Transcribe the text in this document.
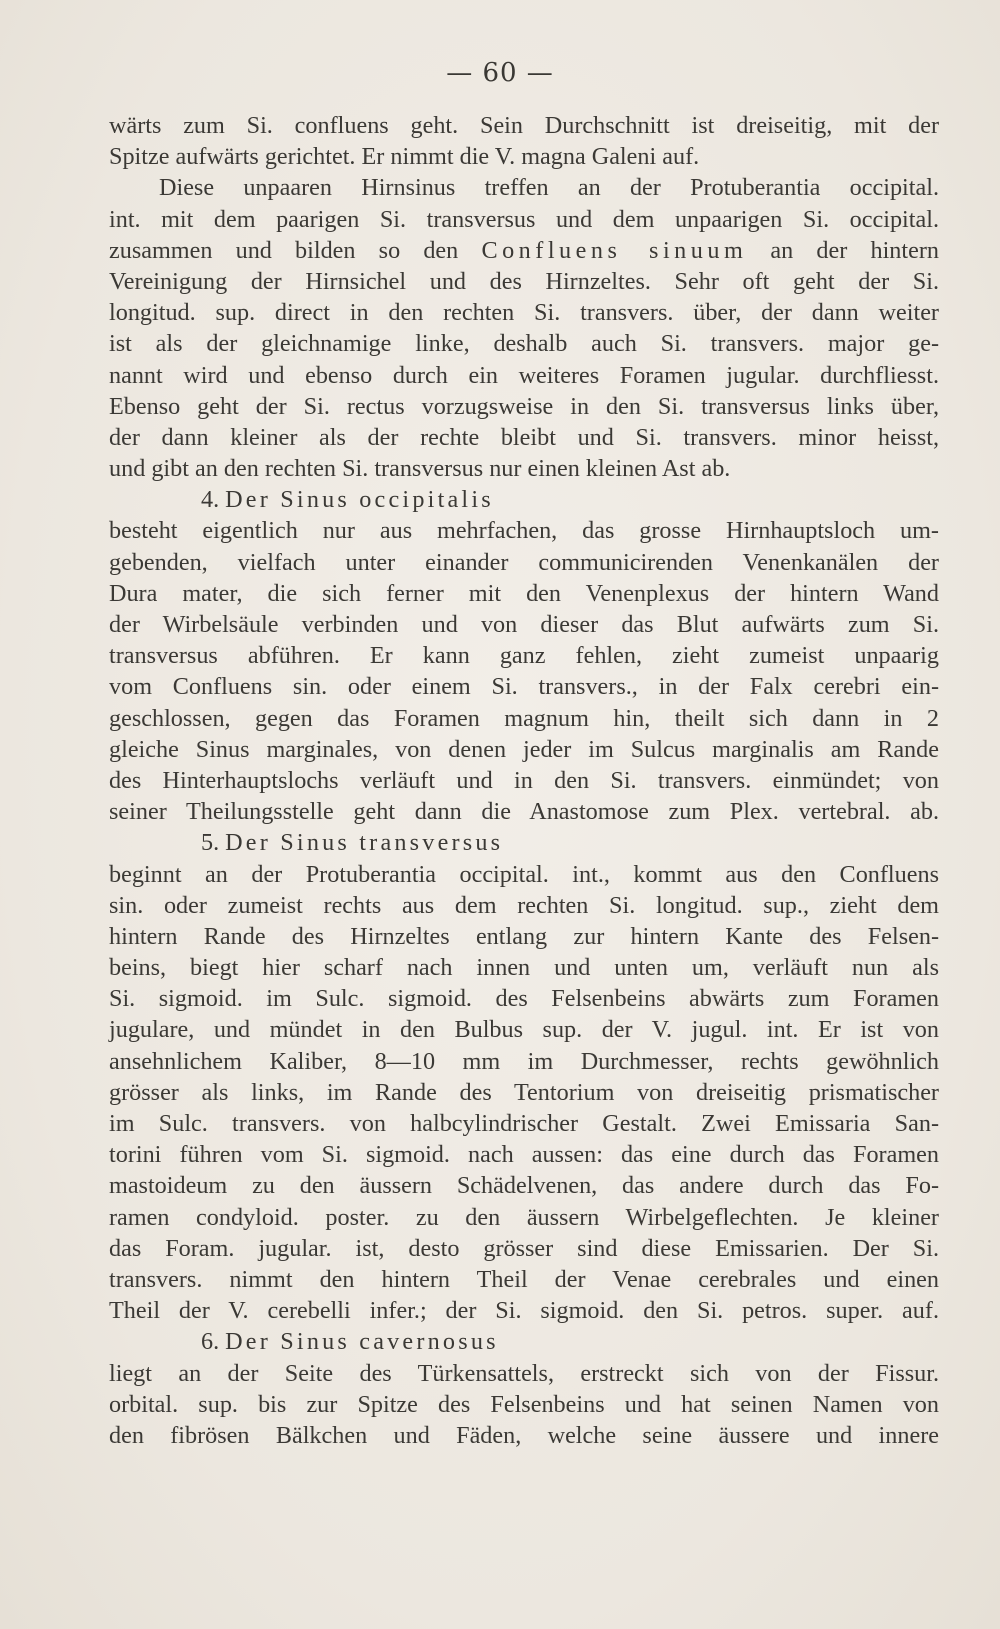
— 60 —
wärts zum Si. confluens geht. Sein Durchschnitt ist dreiseitig, mit der
Spitze aufwärts gerichtet. Er nimmt die V. magna Galeni auf.
Diese unpaaren Hirnsinus treffen an der Protuberantia occipital.
int. mit dem paarigen Si. transversus und dem unpaarigen Si. occipital.
zusammen und bilden so den Confluens sinuum an der hintern
Vereinigung der Hirnsichel und des Hirnzeltes. Sehr oft geht der Si.
longitud. sup. direct in den rechten Si. transvers. über, der dann weiter
ist als der gleichnamige linke, deshalb auch Si. transvers. major ge-
nannt wird und ebenso durch ein weiteres Foramen jugular. durchfliesst.
Ebenso geht der Si. rectus vorzugsweise in den Si. transversus links über,
der dann kleiner als der rechte bleibt und Si. transvers. minor heisst,
und gibt an den rechten Si. transversus nur einen kleinen Ast ab.
4. Der Sinus occipitalis
besteht eigentlich nur aus mehrfachen, das grosse Hirnhauptsloch um-
gebenden, vielfach unter einander communicirenden Venenkanälen der
Dura mater, die sich ferner mit den Venenplexus der hintern Wand
der Wirbelsäule verbinden und von dieser das Blut aufwärts zum Si.
transversus abführen. Er kann ganz fehlen, zieht zumeist unpaarig
vom Confluens sin. oder einem Si. transvers., in der Falx cerebri ein-
geschlossen, gegen das Foramen magnum hin, theilt sich dann in 2
gleiche Sinus marginales, von denen jeder im Sulcus marginalis am Rande
des Hinterhauptslochs verläuft und in den Si. transvers. einmündet; von
seiner Theilungsstelle geht dann die Anastomose zum Plex. vertebral. ab.
5. Der Sinus transversus
beginnt an der Protuberantia occipital. int., kommt aus den Confluens
sin. oder zumeist rechts aus dem rechten Si. longitud. sup., zieht dem
hintern Rande des Hirnzeltes entlang zur hintern Kante des Felsen-
beins, biegt hier scharf nach innen und unten um, verläuft nun als
Si. sigmoid. im Sulc. sigmoid. des Felsenbeins abwärts zum Foramen
jugulare, und mündet in den Bulbus sup. der V. jugul. int. Er ist von
ansehnlichem Kaliber, 8—10 mm im Durchmesser, rechts gewöhnlich
grösser als links, im Rande des Tentorium von dreiseitig prismatischer
im Sulc. transvers. von halbcylindrischer Gestalt. Zwei Emissaria San-
torini führen vom Si. sigmoid. nach aussen: das eine durch das Foramen
mastoideum zu den äussern Schädelvenen, das andere durch das Fo-
ramen condyloid. poster. zu den äussern Wirbelgeflechten. Je kleiner
das Foram. jugular. ist, desto grösser sind diese Emissarien. Der Si.
transvers. nimmt den hintern Theil der Venae cerebrales und einen
Theil der V. cerebelli infer.; der Si. sigmoid. den Si. petros. super. auf.
6. Der Sinus cavernosus
liegt an der Seite des Türkensattels, erstreckt sich von der Fissur.
orbital. sup. bis zur Spitze des Felsenbeins und hat seinen Namen von
den fibrösen Bälkchen und Fäden, welche seine äussere und innere
